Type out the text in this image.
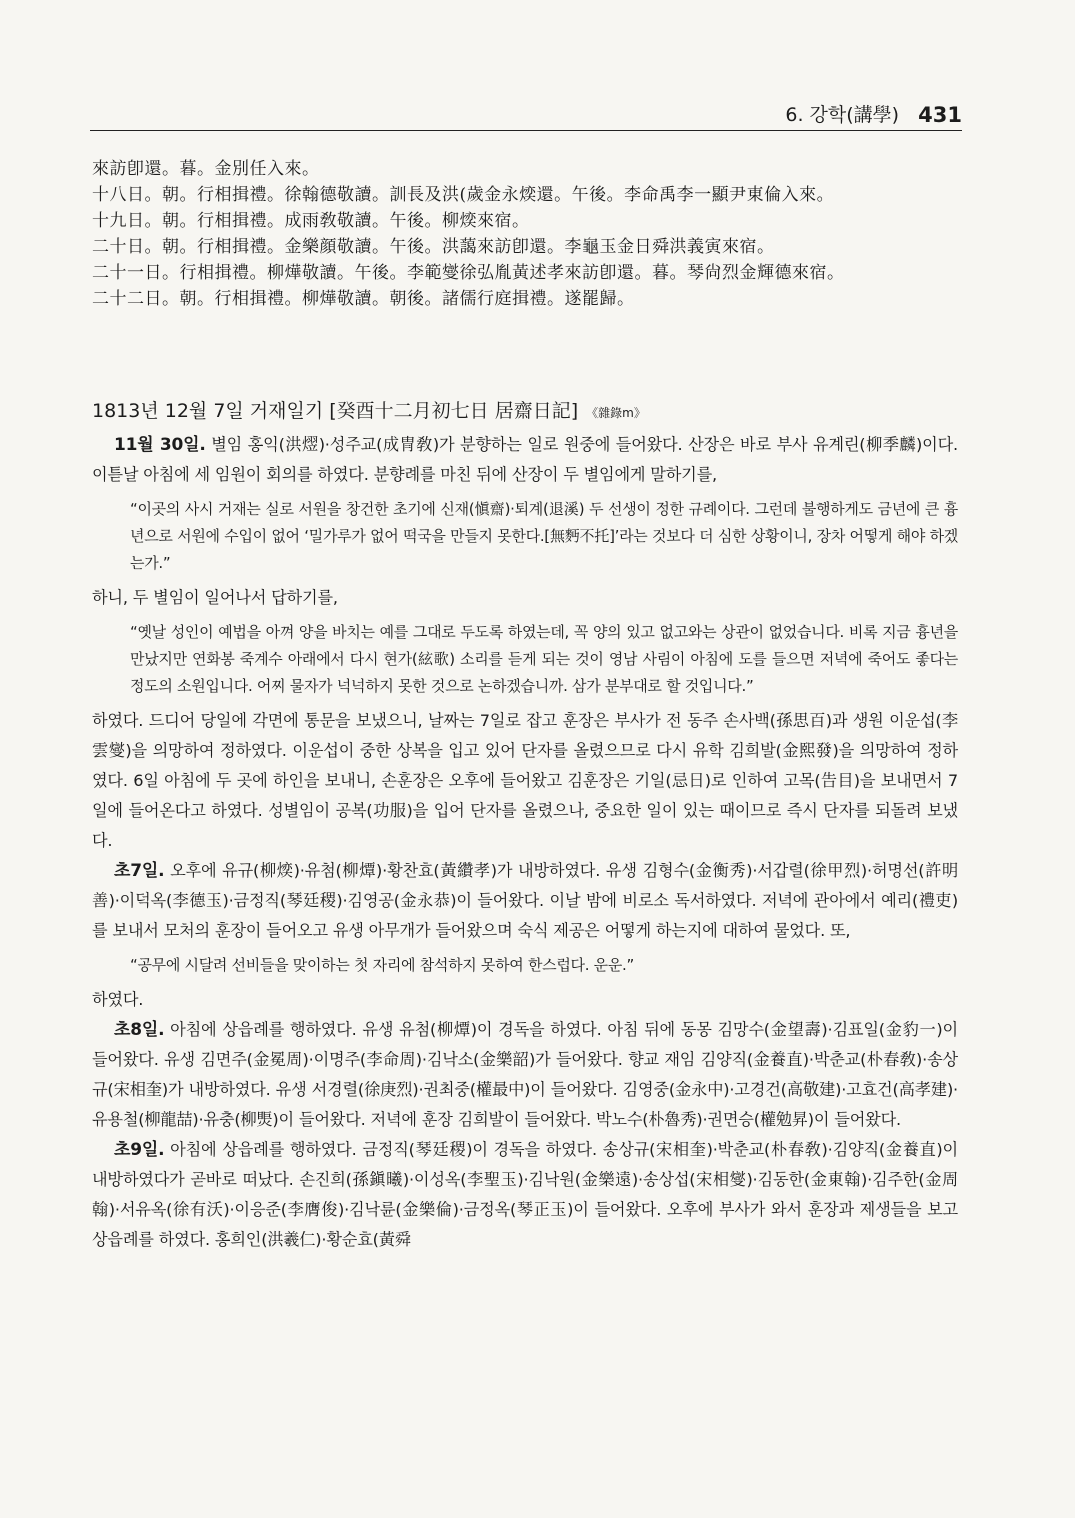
6. 강학(講學) 431
來訪卽還。暮。金別任入來。
十八日。朝。行相揖禮。徐翰德敬讀。訓長及洪(歲金永㷜還。午後。李命禹李一顯尹東倫入來。
十九日。朝。行相揖禮。成雨敎敬讀。午後。柳㷜來宿。
二十日。朝。行相揖禮。金樂顔敬讀。午後。洪藹來訪卽還。李龜玉金日舜洪義寅來宿。
二十一日。行相揖禮。柳燁敬讀。午後。李範燮徐弘胤黃述孝來訪卽還。暮。琴尙烈金輝德來宿。
二十二日。朝。行相揖禮。柳燁敬讀。朝後。諸儒行庭揖禮。遂罷歸。
1813년 12월 7일 거재일기 [癸酉十二月初七日 居齋日記] 《雜錄m》

11월 30일. 별임 홍익(洪熤)·성주교(成冑敎)가 분향하는 일로 원중에 들어왔다. 산장은 바로 부사 유계린(柳季麟)이다. 이튿날 아침에 세 임원이 회의를 하였다. 분향례를 마친 뒤에 산장이 두 별임에게 말하기를,

“이곳의 사시 거재는 실로 서원을 창건한 초기에 신재(愼齋)·퇴계(退溪) 두 선생이 정한 규례이다. 그런데 불행하게도 금년에 큰 흉년으로 서원에 수입이 없어 ‘밀가루가 없어 떡국을 만들지 못한다.[無麪不托]’라는 것보다 더 심한 상황이니, 장차 어떻게 해야 하겠는가.”

하니, 두 별임이 일어나서 답하기를,

“옛날 성인이 예법을 아껴 양을 바치는 예를 그대로 두도록 하였는데, 꼭 양의 있고 없고와는 상관이 없었습니다. 비록 지금 흉년을 만났지만 연화봉 죽계수 아래에서 다시 현가(絃歌) 소리를 듣게 되는 것이 영남 사림이 아침에 도를 들으면 저녁에 죽어도 좋다는 정도의 소원입니다. 어찌 물자가 넉넉하지 못한 것으로 논하겠습니까. 삼가 분부대로 할 것입니다.”

하였다. 드디어 당일에 각면에 통문을 보냈으니, 날짜는 7일로 잡고 훈장은 부사가 전 동주 손사백(孫思百)과 생원 이운섭(李雲燮)을 의망하여 정하였다. 이운섭이 중한 상복을 입고 있어 단자를 올렸으므로 다시 유학 김희발(金熙發)을 의망하여 정하였다. 6일 아침에 두 곳에 하인을 보내니, 손훈장은 오후에 들어왔고 김훈장은 기일(忌日)로 인하여 고목(告目)을 보내면서 7일에 들어온다고 하였다. 성별임이 공복(功服)을 입어 단자를 올렸으나, 중요한 일이 있는 때이므로 즉시 단자를 되돌려 보냈다.

초7일. 오후에 유규(柳㷜)·유첨(柳燂)·황찬효(黃纘孝)가 내방하였다. 유생 김형수(金衡秀)·서갑렬(徐甲烈)·허명선(許明善)·이덕옥(李德玉)·금정직(琴廷稷)·김영공(金永恭)이 들어왔다. 이날 밤에 비로소 독서하였다. 저녁에 관아에서 예리(禮吏)를 보내서 모처의 훈장이 들어오고 유생 아무개가 들어왔으며 숙식 제공은 어떻게 하는지에 대하여 물었다. 또,

“공무에 시달려 선비들을 맞이하는 첫 자리에 참석하지 못하여 한스럽다. 운운.”

하였다.

초8일. 아침에 상읍례를 행하였다. 유생 유첨(柳燂)이 경독을 하였다. 아침 뒤에 동몽 김망수(金望壽)·김표일(金豹一)이 들어왔다. 유생 김면주(金冕周)·이명주(李命周)·김낙소(金樂韶)가 들어왔다. 향교 재임 김양직(金養直)·박춘교(朴春敎)·송상규(宋相奎)가 내방하였다. 유생 서경렬(徐庚烈)·권최중(權最中)이 들어왔다. 김영중(金永中)·고경건(高敬建)·고효건(高孝建)·유용철(柳龍喆)·유충(柳㷡)이 들어왔다. 저녁에 훈장 김희발이 들어왔다. 박노수(朴魯秀)·권면승(權勉昇)이 들어왔다.

초9일. 아침에 상읍례를 행하였다. 금정직(琴廷稷)이 경독을 하였다. 송상규(宋相奎)·박춘교(朴春敎)·김양직(金養直)이 내방하였다가 곧바로 떠났다. 손진희(孫鎭曦)·이성옥(李聖玉)·김낙원(金樂遠)·송상섭(宋相燮)·김동한(金東翰)·김주한(金周翰)·서유옥(徐有沃)·이응준(李膺俊)·김낙륜(金樂倫)·금정옥(琴正玉)이 들어왔다. 오후에 부사가 와서 훈장과 제생들을 보고 상읍례를 하였다. 홍희인(洪羲仁)·황순효(黃舜
